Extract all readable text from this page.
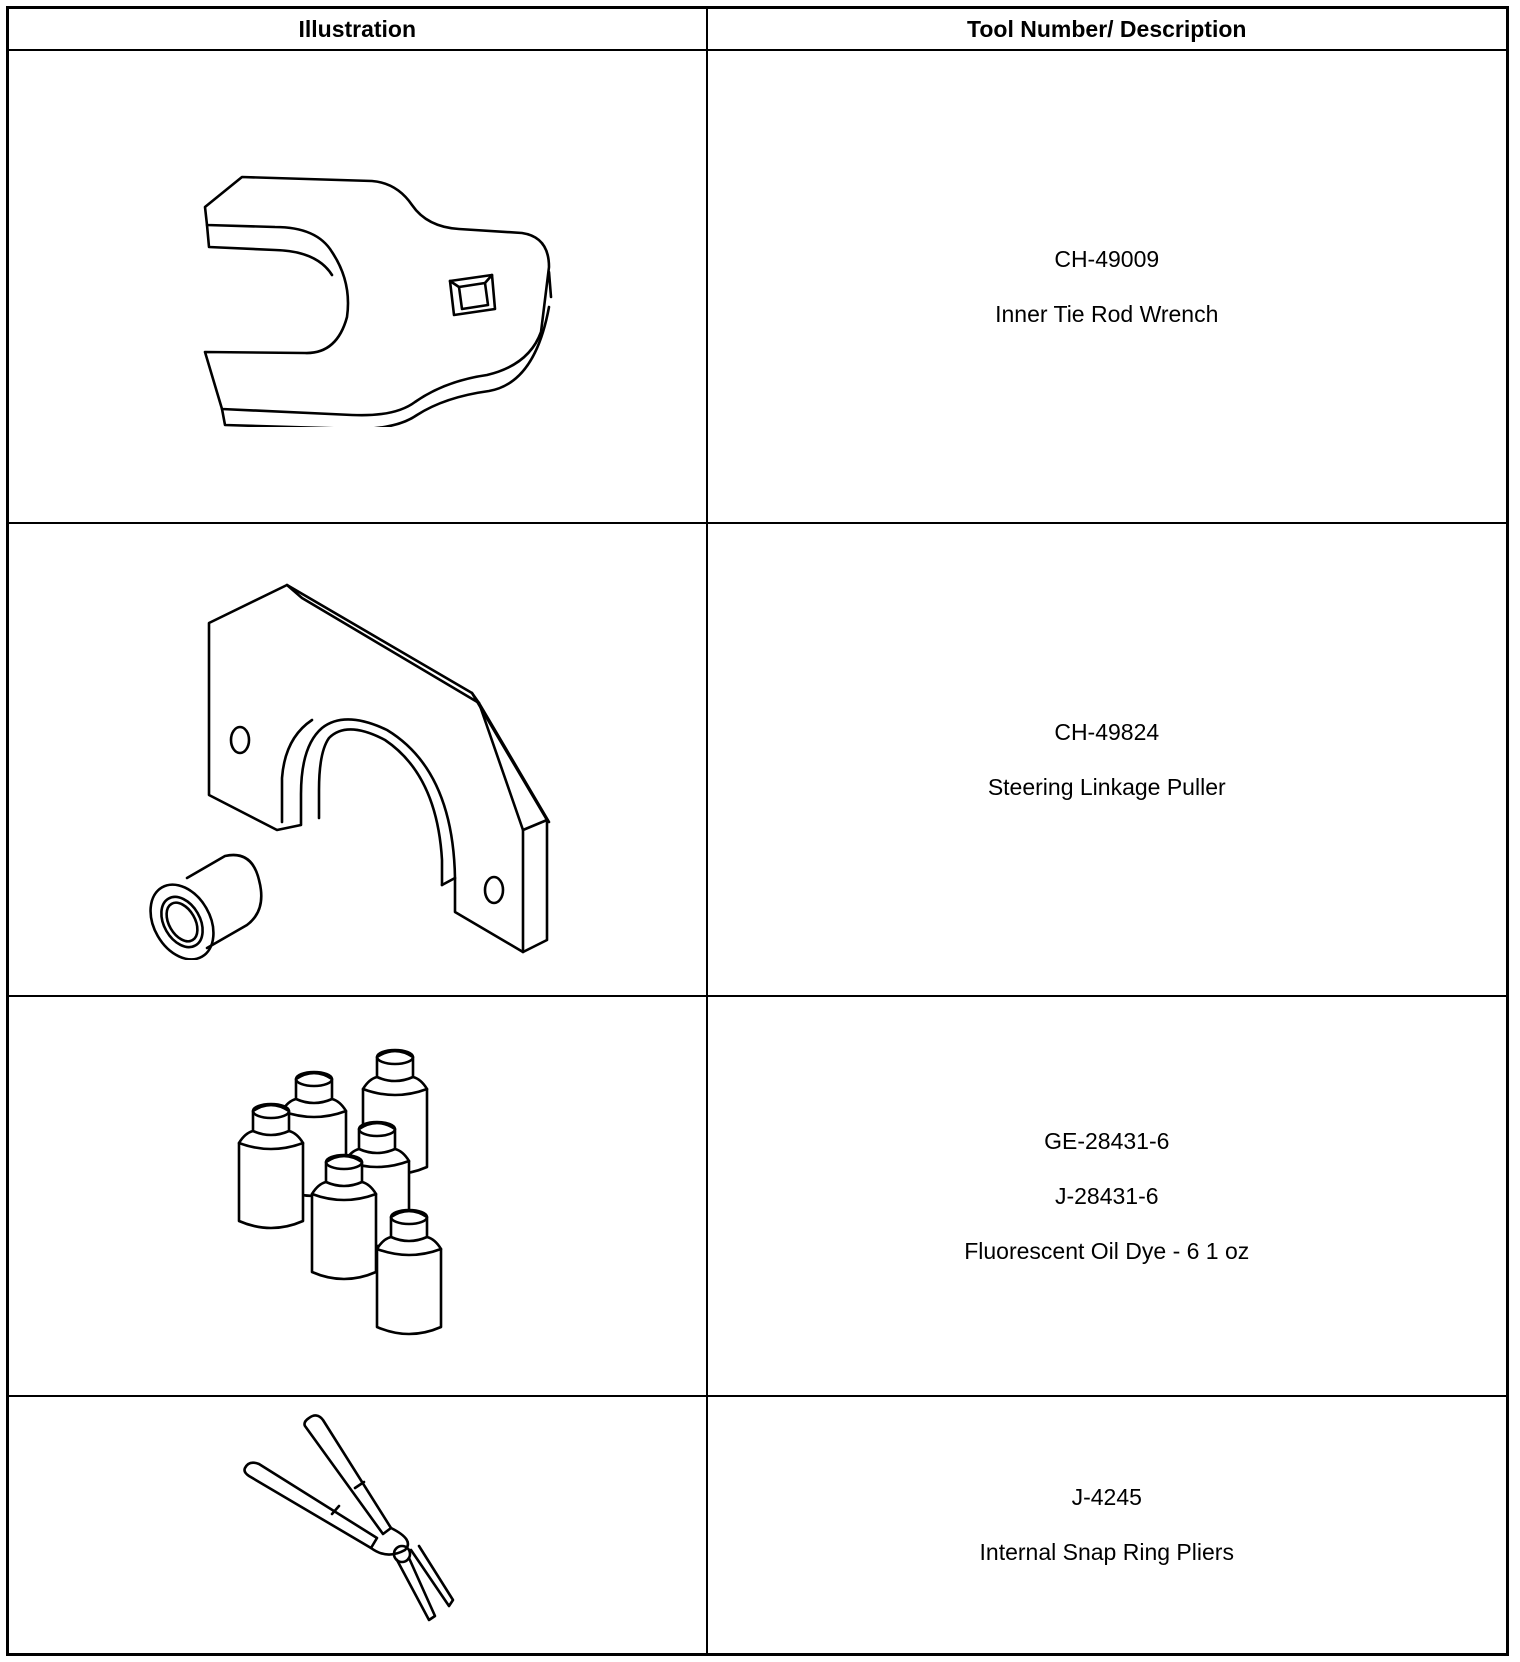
Illustration	Tool Number/ Description

CH-49009
Inner Tie Rod Wrench

CH-49824
Steering Linkage Puller

GE-28431-6
J-28431-6
Fluorescent Oil Dye - 6 1 oz

J-4245
Internal Snap Ring Pliers
